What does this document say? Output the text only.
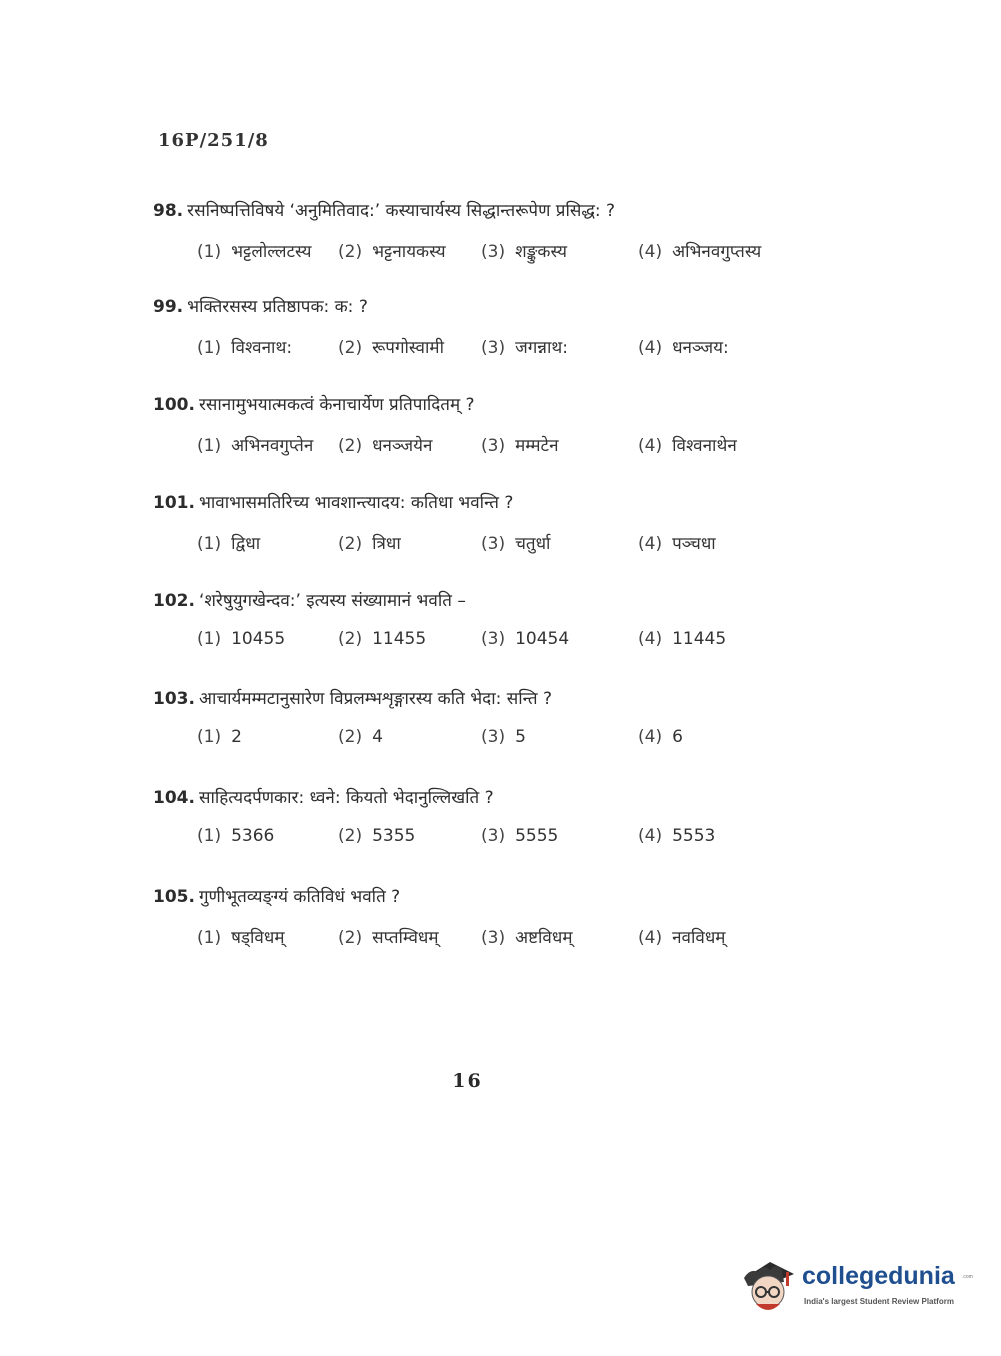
16P/251/8
98. रसनिष्पत्तिविषये ‘अनुमितिवाद:’ कस्याचार्यस्य सिद्धान्तरूपेण प्रसिद्ध: ?
(1) भट्टलोल्लटस्य (2) भट्टनायकस्य (3) शङ्कुकस्य	(4) अभिनवगुप्तस्य
99. भक्तिरसस्य प्रतिष्ठापक: क: ?
(1) विश्वनाथ:	(2) रूपगोस्वामी (3) जगन्नाथ:	(4) धनञ्जय:
100. रसानामुभयात्मकत्वं केनाचार्येण प्रतिपादितम् ?
(1) अभिनवगुप्तेन (2) धनञ्जयेन	(3) मम्मटेन	(4) विश्वनाथेन
101. भावाभासमतिरिच्य भावशान्त्यादय: कतिधा भवन्ति ?
(1) द्विधा	(2) त्रिधा	(3) चतुर्धा	(4) पञ्चधा
102. ‘शरेषुयुगखेन्दव:’ इत्यस्य संख्यामानं भवति –
(1) 10455	(2) 11455	(3) 10454	(4) 11445
103. आचार्यमम्मटानुसारेण विप्रलम्भशृङ्गारस्य कति भेदा: सन्ति ?
(1) 2	(2) 4	(3) 5	(4) 6
104. साहित्यदर्पणकार: ध्वने: कियतो भेदानुल्लिखति ?
(1) 5366	(2) 5355	(3) 5555	(4) 5553
105. गुणीभूतव्यङ्ग्यं कतिविधं भवति ?
(1) षड्विधम्	(2) सप्तम्विधम् (3) अष्टविधम्	(4) नवविधम्
16
collegedunia .com
India's largest Student Review Platform
